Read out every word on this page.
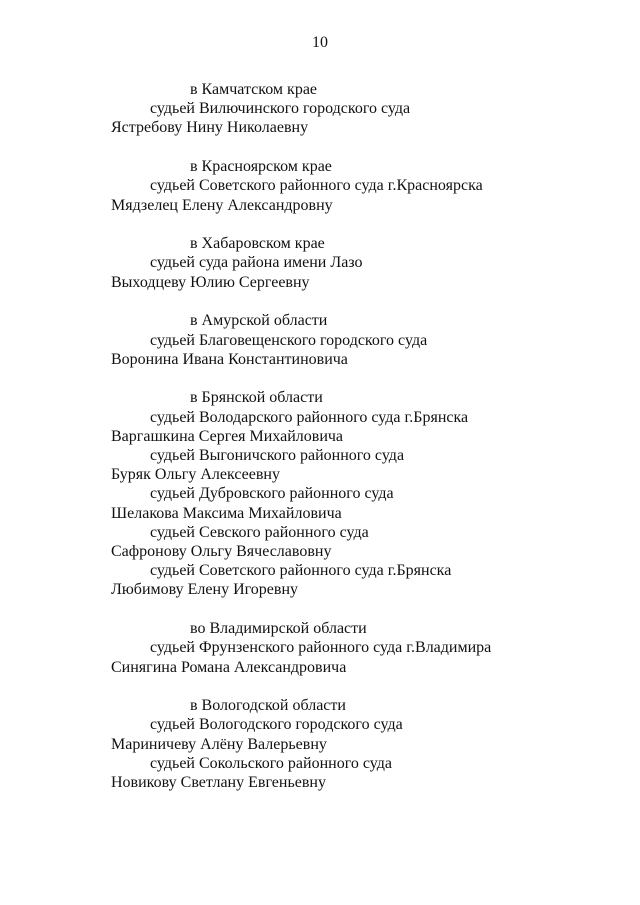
10
в Камчатском крае
судьей Вилючинского городского суда
Ястребову Нину Николаевну
в Красноярском крае
судьей Советского районного суда г.Красноярска
Мядзелец Елену Александровну
в Хабаровском крае
судьей суда района имени Лазо
Выходцеву Юлию Сергеевну
в Амурской области
судьей Благовещенского городского суда
Воронина Ивана Константиновича
в Брянской области
судьей Володарского районного суда г.Брянска
Варгашкина Сергея Михайловича
судьей Выгоничского районного суда
Буряк Ольгу Алексеевну
судьей Дубровского районного суда
Шелакова Максима Михайловича
судьей Севского районного суда
Сафронову Ольгу Вячеславовну
судьей Советского районного суда г.Брянска
Любимову Елену Игоревну
во Владимирской области
судьей Фрунзенского районного суда г.Владимира
Синягина Романа Александровича
в Вологодской области
судьей Вологодского городского суда
Мариничеву Алёну Валерьевну
судьей Сокольского районного суда
Новикову Светлану Евгеньевну
